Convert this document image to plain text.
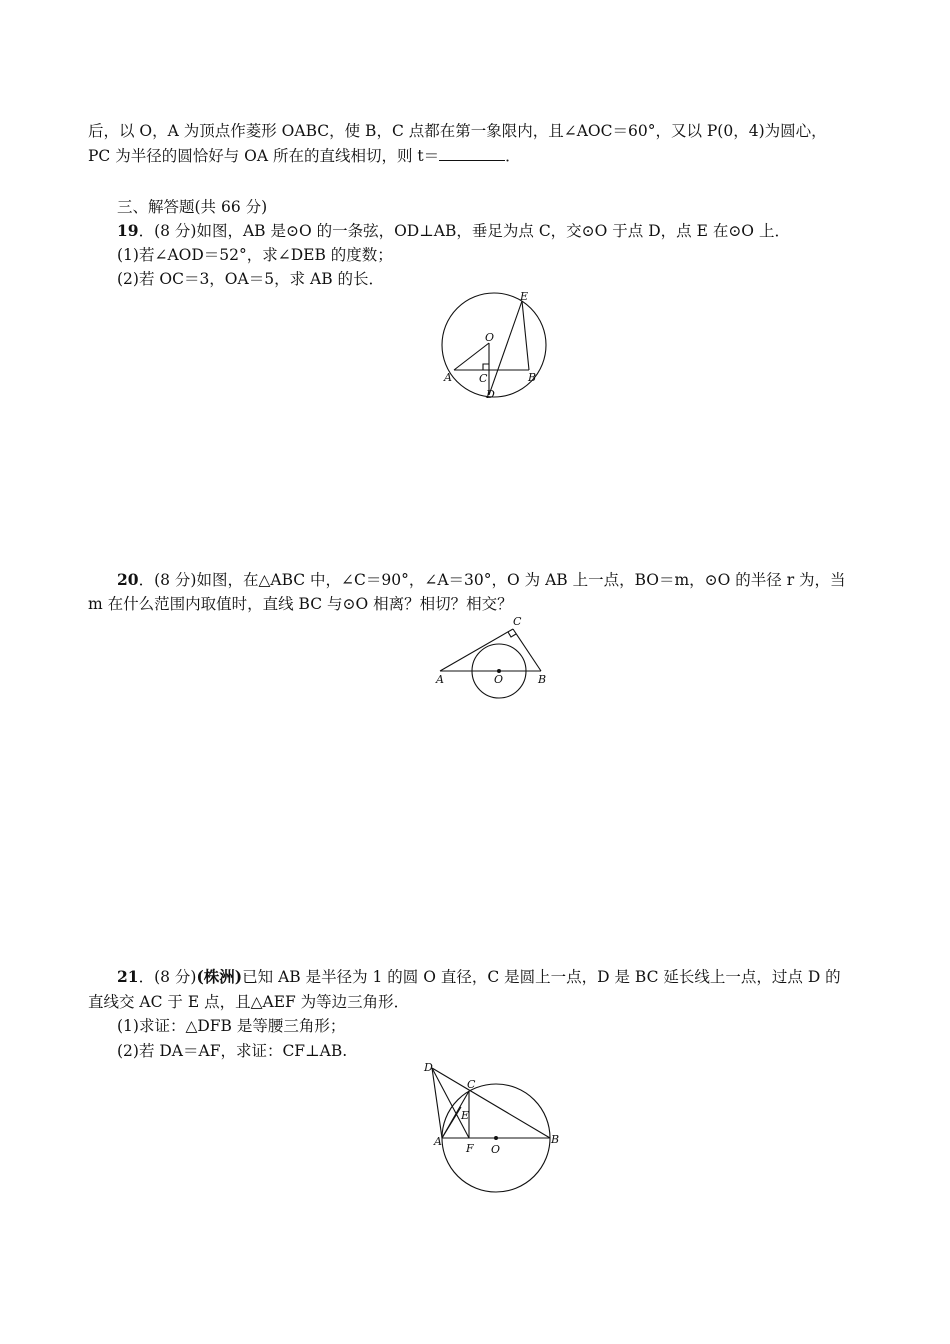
后，以 O，A 为顶点作菱形 OABC，使 B，C 点都在第一象限内，且∠AOC＝60°，又以 P(0，4)为圆心，
PC 为半径的圆恰好与 OA 所在的直线相切，则 t＝	．
三、解答题(共 66 分)
19．(8 分)如图，AB 是⊙O 的一条弦，OD⊥AB，垂足为点 C，交⊙O 于点 D，点 E 在⊙O 上．
(1)若∠AOD＝52°，求∠DEB 的度数；
(2)若 OC＝3，OA＝5，求 AB 的长．
E
O
A C	B
D
20．(8 分)如图，在△ABC 中，∠C＝90°，∠A＝30°，O 为 AB 上一点，BO＝m，⊙O 的半径 r 为，当
m 在什么范围内取值时，直线 BC 与⊙O 相离？相切？相交？
C
A	O	B
21．(8 分)(株洲)已知 AB 是半径为 1 的圆 O 直径，C 是圆上一点，D 是 BC 延长线上一点，过点 D 的
直线交 AC 于 E 点，且△AEF 为等边三角形．
(1)求证：△DFB 是等腰三角形；
(2)若 DA＝AF，求证：CF⊥AB.
D
C
E
A
F O
B
